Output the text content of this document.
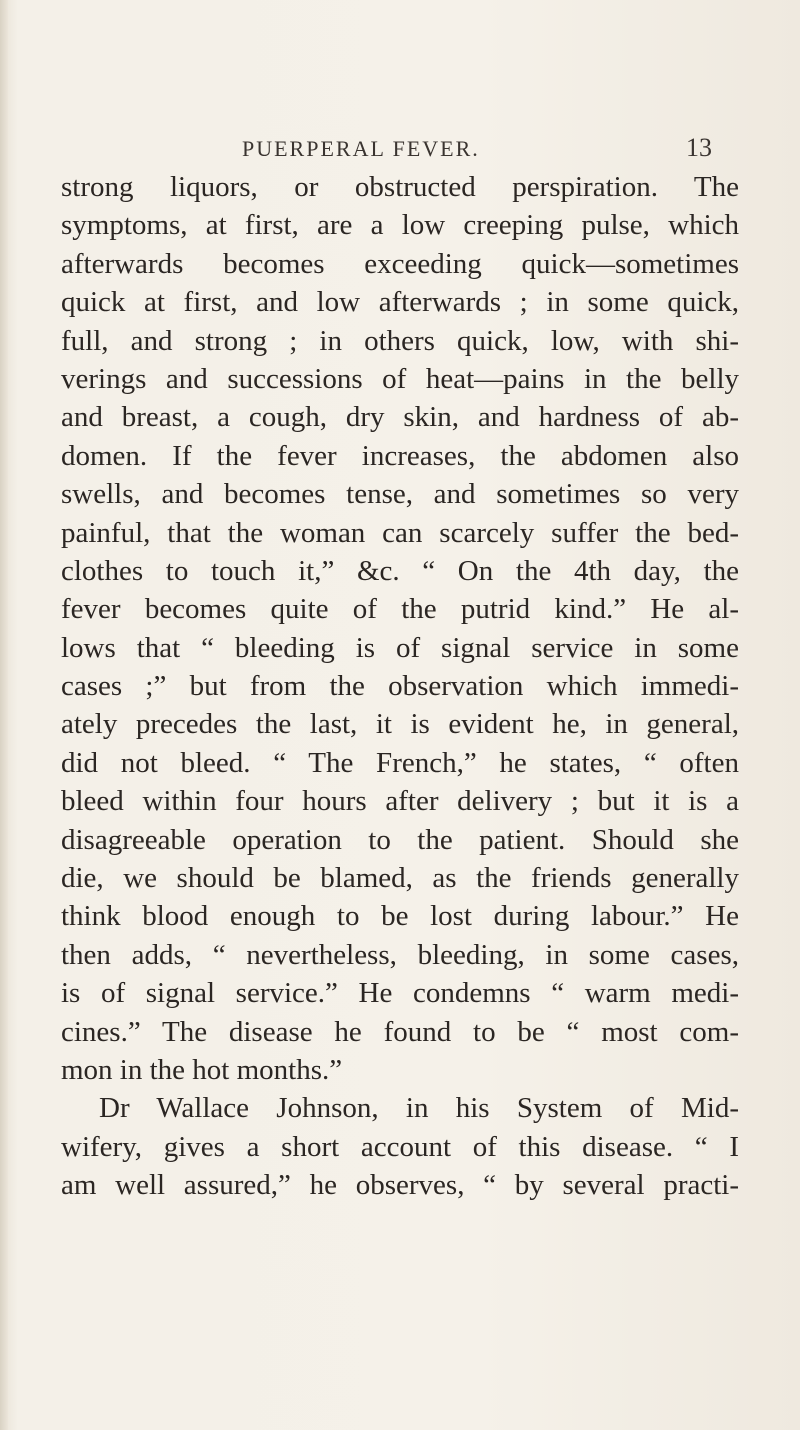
PUERPERAL FEVER.	13
strong liquors, or obstructed perspiration. The
symptoms, at first, are a low creeping pulse, which
afterwards becomes exceeding quick—sometimes
quick at first, and low afterwards ; in some quick,
full, and strong ; in others quick, low, with shi-
verings and successions of heat—pains in the belly
and breast, a cough, dry skin, and hardness of ab-
domen. If the fever increases, the abdomen also
swells, and becomes tense, and sometimes so very
painful, that the woman can scarcely suffer the bed-
clothes to touch it,” &c. “ On the 4th day, the
fever becomes quite of the putrid kind.” He al-
lows that “ bleeding is of signal service in some
cases ;” but from the observation which immedi-
ately precedes the last, it is evident he, in general,
did not bleed. “ The French,” he states, “ often
bleed within four hours after delivery ; but it is a
disagreeable operation to the patient. Should she
die, we should be blamed, as the friends generally
think blood enough to be lost during labour.” He
then adds, “ nevertheless, bleeding, in some cases,
is of signal service.” He condemns “ warm medi-
cines.” The disease he found to be “ most com-
mon in the hot months.”
Dr Wallace Johnson, in his System of Mid-
wifery, gives a short account of this disease. “ I
am well assured,” he observes, “ by several practi-
